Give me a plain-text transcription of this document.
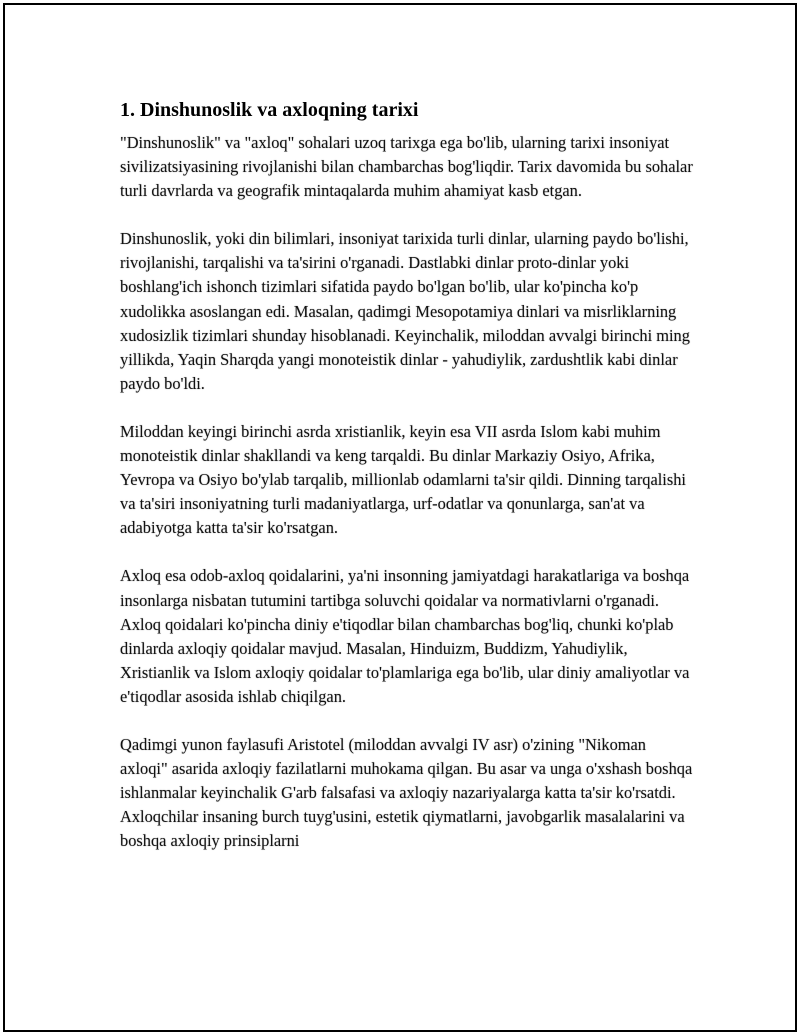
1. Dinshunoslik va axloqning tarixi

"Dinshunoslik" va "axloq" sohalari uzoq tarixga ega bo'lib, ularning tarixi insoniyat sivilizatsiyasining rivojlanishi bilan chambarchas bog'liqdir. Tarix davomida bu sohalar turli davrlarda va geografik mintaqalarda muhim ahamiyat kasb etgan.

Dinshunoslik, yoki din bilimlari, insoniyat tarixida turli dinlar, ularning paydo bo'lishi, rivojlanishi, tarqalishi va ta'sirini o'rganadi. Dastlabki dinlar proto-dinlar yoki boshlang'ich ishonch tizimlari sifatida paydo bo'lgan bo'lib, ular ko'pincha ko'p xudolikka asoslangan edi. Masalan, qadimgi Mesopotamiya dinlari va misrliklarning xudosizlik tizimlari shunday hisoblanadi. Keyinchalik, miloddan avvalgi birinchi ming yillikda, Yaqin Sharqda yangi monoteistik dinlar - yahudiylik, zardushtlik kabi dinlar paydo bo'ldi.

Miloddan keyingi birinchi asrda xristianlik, keyin esa VII asrda Islom kabi muhim monoteistik dinlar shakllandi va keng tarqaldi. Bu dinlar Markaziy Osiyo, Afrika, Yevropa va Osiyo bo'ylab tarqalib, millionlab odamlarni ta'sir qildi. Dinning tarqalishi va ta'siri insoniyatning turli madaniyatlarga, urf-odatlar va qonunlarga, san'at va adabiyotga katta ta'sir ko'rsatgan.

Axloq esa odob-axloq qoidalarini, ya'ni insonning jamiyatdagi harakatlariga va boshqa insonlarga nisbatan tutumini tartibga soluvchi qoidalar va normativlarni o'rganadi. Axloq qoidalari ko'pincha diniy e'tiqodlar bilan chambarchas bog'liq, chunki ko'plab dinlarda axloqiy qoidalar mavjud. Masalan, Hinduizm, Buddizm, Yahudiylik, Xristianlik va Islom axloqiy qoidalar to'plamlariga ega bo'lib, ular diniy amaliyotlar va e'tiqodlar asosida ishlab chiqilgan.

Qadimgi yunon faylasufi Aristotel (miloddan avvalgi IV asr) o'zining "Nikoman axloqi" asarida axloqiy fazilatlarni muhokama qilgan. Bu asar va unga o'xshash boshqa ishlanmalar keyinchalik G'arb falsafasi va axloqiy nazariyalarga katta ta'sir ko'rsatdi. Axloqchilar insaning burch tuyg'usini, estetik qiymatlarni, javobgarlik masalalarini va boshqa axloqiy prinsiplarni
